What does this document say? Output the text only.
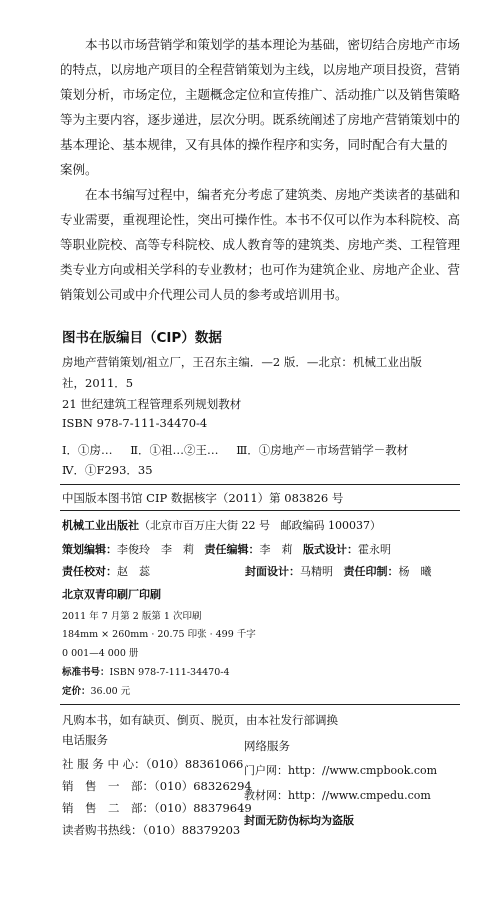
本书以市场营销学和策划学的基本理论为基础，密切结合房地产市场
的特点，以房地产项目的全程营销策划为主线，以房地产项目投资，营销
策划分析，市场定位，主题概念定位和宣传推广、活动推广以及销售策略
等为主要内容，逐步递进，层次分明。既系统阐述了房地产营销策划中的
基本理论、基本规律，又有具体的操作程序和实务，同时配合有大量的
案例。
在本书编写过程中，编者充分考虑了建筑类、房地产类读者的基础和
专业需要，重视理论性，突出可操作性。本书不仅可以作为本科院校、高
等职业院校、高等专科院校、成人教育等的建筑类、房地产类、工程管理
类专业方向或相关学科的专业教材；也可作为建筑企业、房地产企业、营
销策划公司或中介代理公司人员的参考或培训用书。
图书在版编目（CIP）数据
房地产营销策划/祖立厂，王召东主编．—2 版．—北京：机械工业出版
社，2011．5
21 世纪建筑工程管理系列规划教材
ISBN 978-7-111-34470-4
Ⅰ．①房… Ⅱ．①祖…②王… Ⅲ．①房地产－市场营销学－教材
Ⅳ．①F293．35
中国版本图书馆 CIP 数据核字（2011）第 083826 号
机械工业出版社（北京市百万庄大街 22 号 邮政编码 100037）
策划编辑：李俊玲　李　莉 责任编辑：李　莉 版式设计：霍永明
责任校对：赵　蕊	封面设计：马精明 责任印制：杨　曦
北京双青印刷厂印刷
2011 年 7 月第 2 版第 1 次印刷
184mm × 260mm · 20.75 印张 · 499 千字
0 001—4 000 册
标准书号：ISBN 978-7-111-34470-4
定价：36.00 元
凡购本书，如有缺页、倒页、脱页，由本社发行部调换
电话服务	网络服务
社 服 务 中 心：（010）88361066
销　售　一　部：（010）68326294
销　售　二　部：（010）88379649
读者购书热线：（010）88379203
门户网：http：//www.cmpbook.com
教材网：http：//www.cmpedu.com
封面无防伪标均为盗版
